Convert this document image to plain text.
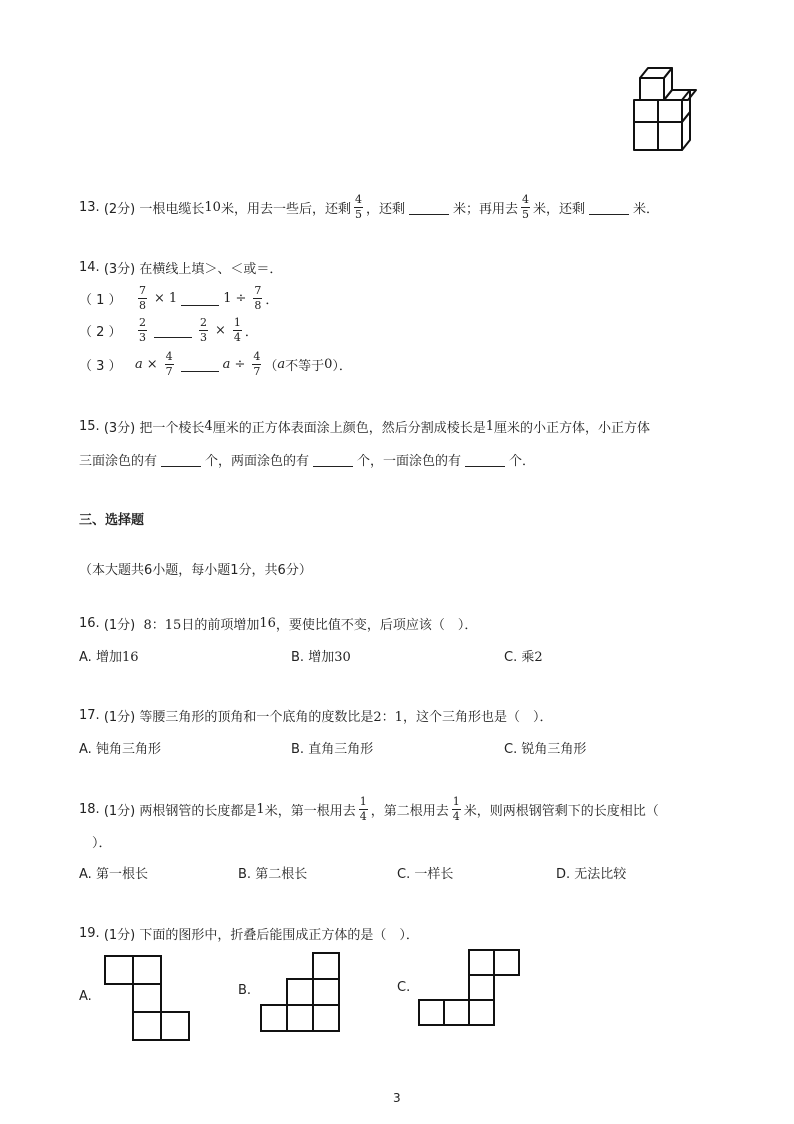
13.
(2分)
一根电缆长 10 米，用去一些后，还剩 $\frac{4}{5}$ ，还剩	米；再用去 $\frac{4}{5}$ 米，还剩	米．
14.
(3分)
在横线上填＞、＜或＝．
（ 1 ）	$\frac{7}{8} \times 1$	$1 \div \frac{7}{8}$ ．
（ 2 ）	$\frac{2}{3}$	$\frac{2}{3} \times \frac{1}{4}$ ．
（ 3 ）	$a \times \frac{4}{7}$	$a \div \frac{4}{7}$ （ a 不等于 0 ）．
15.
(3分)
把一个棱长 4 厘米的正方体表面涂上颜色，然后分割成棱长是 1 厘米的小正方体，小正方体
三面涂色的有	个，两面涂色的有	个，一面涂色的有	个．
三、选择题
（本大题共6小题，每小题1分，共6分）
16.
(1分)
8：15 日的前项增加 16 ，要使比值不变，后项应该（　）．
A. 增加16	B. 增加30	C. 乘2
17.
(1分)
等腰三角形的顶角和一个底角的度数比是 2：1 ，这个三角形也是（　）．
A. 钝角三角形	B. 直角三角形	C. 锐角三角形
18.
(1分)
两根钢管的长度都是 1 米，第一根用去 $\frac{1}{4}$ ，第二根用去 $\frac{1}{4}$ 米，则两根钢管剩下的长度相比（
）．
A. 第一根长	B. 第二根长	C. 一样长	D. 无法比较
19.
(1分)
下面的图形中，折叠后能围成正方体的是（　）．
A.	B.	C.
3
